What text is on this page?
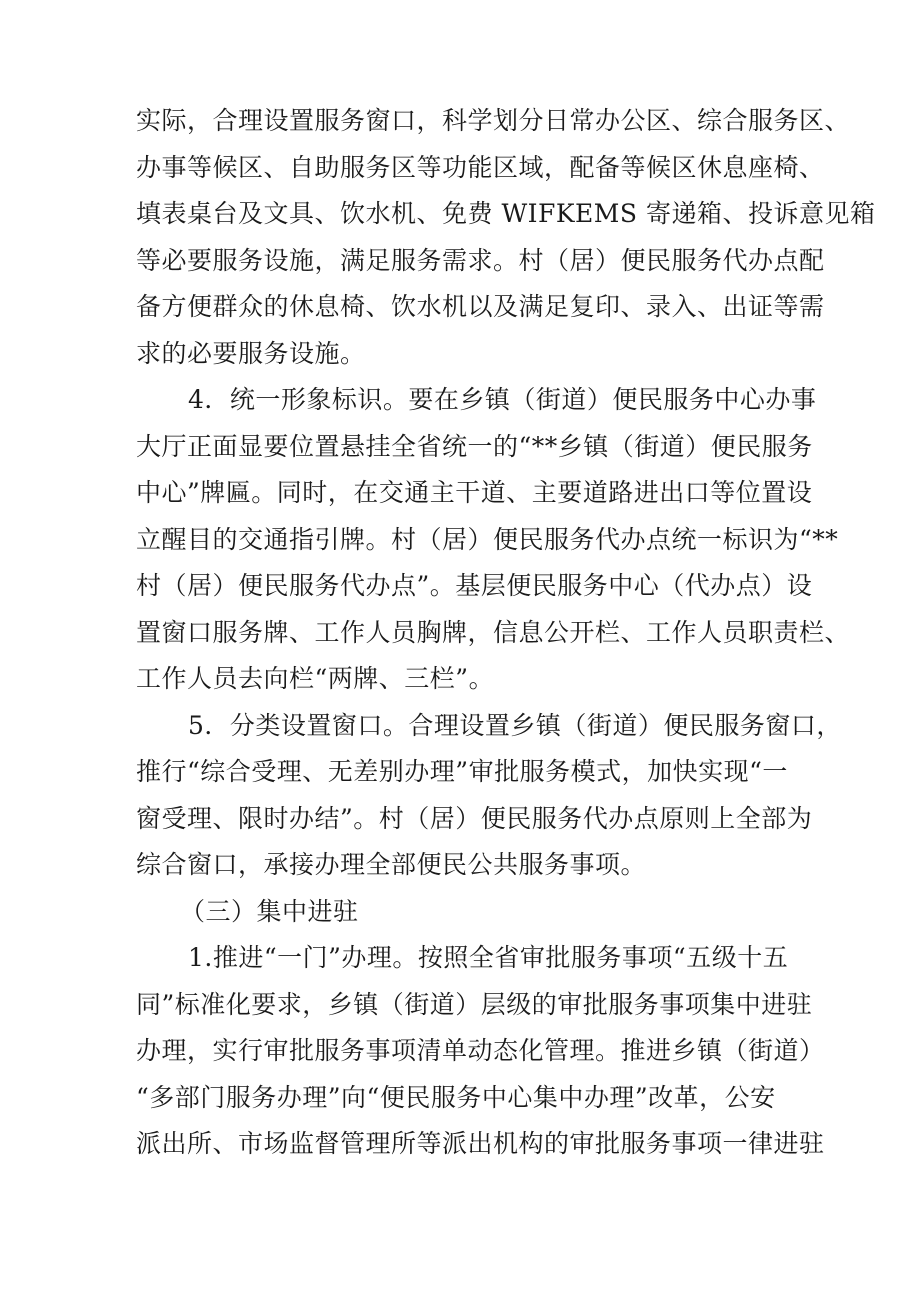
实际，合理设置服务窗口，科学划分日常办公区、综合服务区、
办事等候区、自助服务区等功能区域，配备等候区休息座椅、
填表桌台及文具、饮水机、免费 WIFKEMS 寄递箱、投诉意见箱
等必要服务设施，满足服务需求。村（居）便民服务代办点配
备方便群众的休息椅、饮水机以及满足复印、录入、出证等需
求的必要服务设施。
4．统一形象标识。要在乡镇（街道）便民服务中心办事
大厅正面显要位置悬挂全省统一的“**乡镇（街道）便民服务
中心”牌匾。同时，在交通主干道、主要道路进出口等位置设
立醒目的交通指引牌。村（居）便民服务代办点统一标识为“**
村（居）便民服务代办点”。基层便民服务中心（代办点）设
置窗口服务牌、工作人员胸牌，信息公开栏、工作人员职责栏、
工作人员去向栏“两牌、三栏”。
5．分类设置窗口。合理设置乡镇（街道）便民服务窗口，
推行“综合受理、无差别办理”审批服务模式，加快实现“一
窗受理、限时办结”。村（居）便民服务代办点原则上全部为
综合窗口，承接办理全部便民公共服务事项。
（三）集中进驻
1.推进“一门”办理。按照全省审批服务事项“五级十五
同”标准化要求，乡镇（街道）层级的审批服务事项集中进驻
办理，实行审批服务事项清单动态化管理。推进乡镇（街道）
“多部门服务办理”向“便民服务中心集中办理”改革，公安
派出所、市场监督管理所等派出机构的审批服务事项一律进驻
